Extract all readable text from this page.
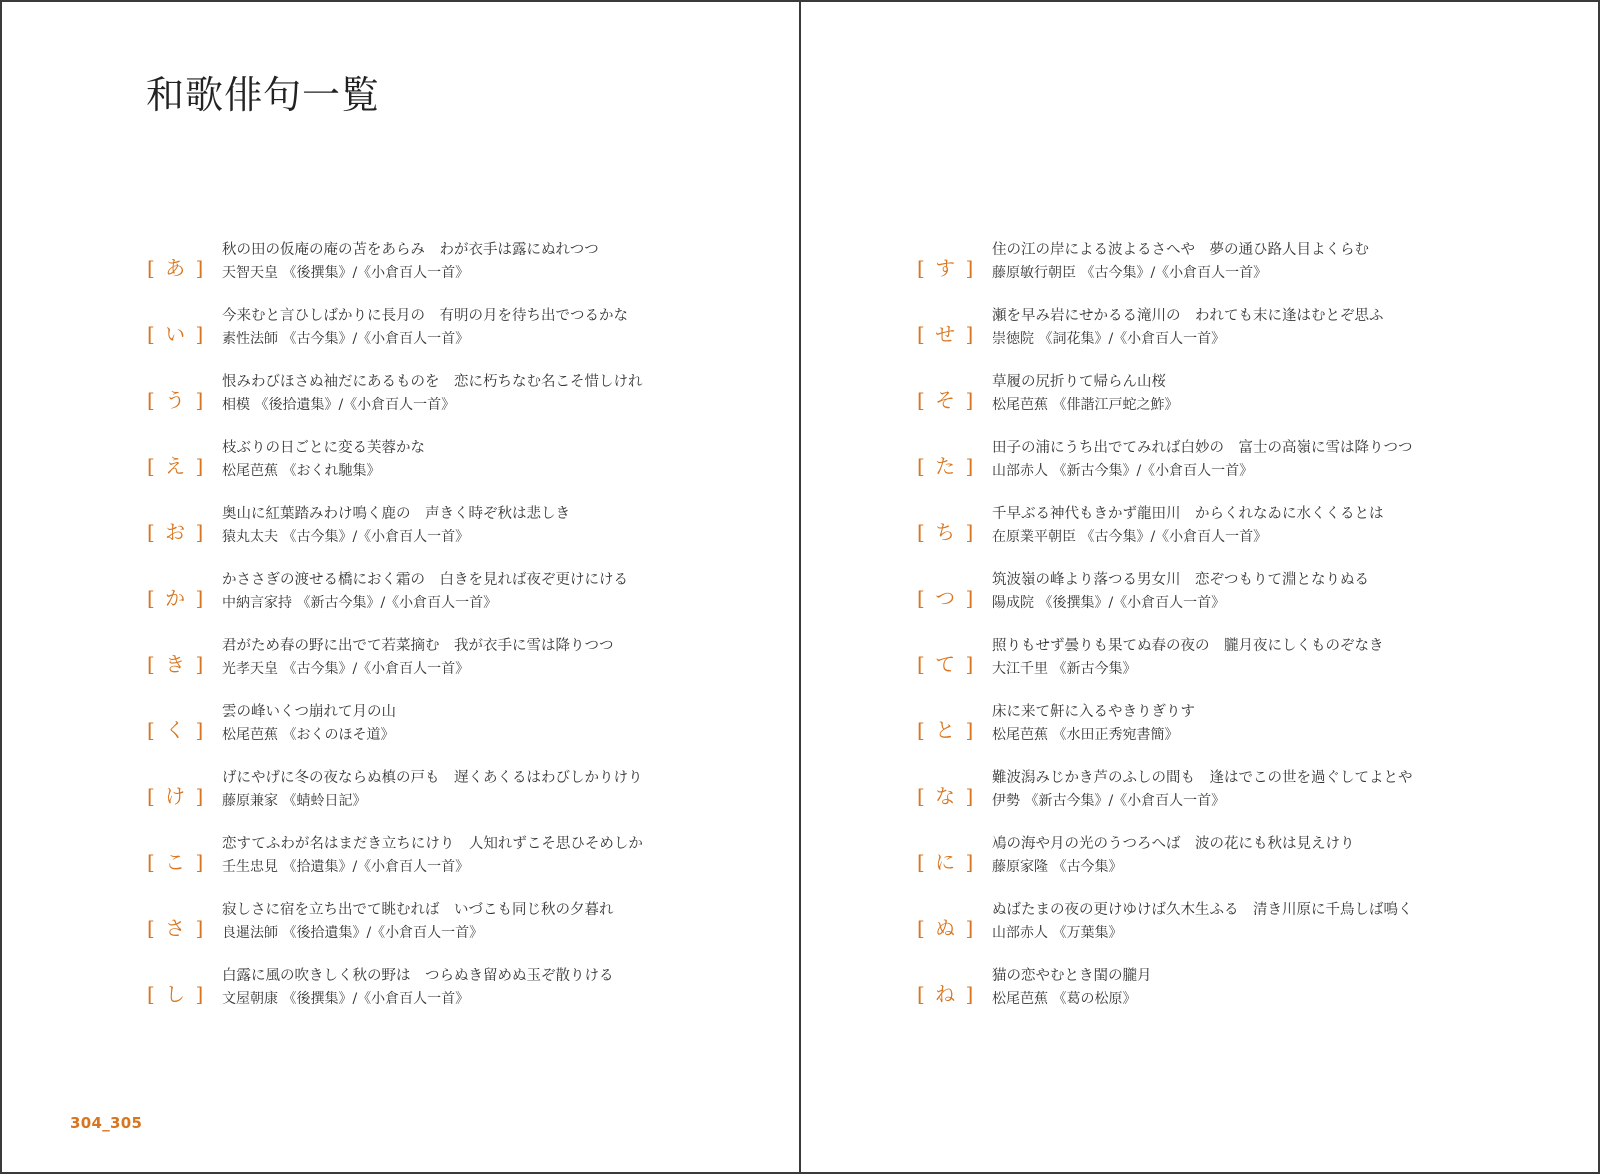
和歌俳句一覧
[ あ ]
秋の田の仮庵の庵の苫をあらみ　わが衣手は露にぬれつつ
天智天皇 《後撰集》/《小倉百人一首》
[ い ]
今来むと言ひしばかりに長月の　有明の月を待ち出でつるかな
素性法師 《古今集》/《小倉百人一首》
[ う ]
恨みわびほさぬ袖だにあるものを　恋に朽ちなむ名こそ惜しけれ
相模 《後拾遺集》/《小倉百人一首》
[ え ]
枝ぶりの日ごとに変る芙蓉かな
松尾芭蕉 《おくれ馳集》
[ お ]
奥山に紅葉踏みわけ鳴く鹿の　声きく時ぞ秋は悲しき
猿丸太夫 《古今集》/《小倉百人一首》
[ か ]
かささぎの渡せる橋におく霜の　白きを見れば夜ぞ更けにける
中納言家持 《新古今集》/《小倉百人一首》
[ き ]
君がため春の野に出でて若菜摘む　我が衣手に雪は降りつつ
光孝天皇 《古今集》/《小倉百人一首》
[ く ]
雲の峰いくつ崩れて月の山
松尾芭蕉 《おくのほそ道》
[ け ]
げにやげに冬の夜ならぬ槙の戸も　遅くあくるはわびしかりけり
藤原兼家 《蜻蛉日記》
[ こ ]
恋すてふわが名はまだき立ちにけり　人知れずこそ思ひそめしか
壬生忠見 《拾遺集》/《小倉百人一首》
[ さ ]
寂しさに宿を立ち出でて眺むれば　いづこも同じ秋の夕暮れ
良暹法師 《後拾遺集》/《小倉百人一首》
[ し ]
白露に風の吹きしく秋の野は　つらぬき留めぬ玉ぞ散りける
文屋朝康 《後撰集》/《小倉百人一首》
304_305
[ す ]
住の江の岸による波よるさへや　夢の通ひ路人目よくらむ
藤原敏行朝臣 《古今集》/《小倉百人一首》
[ せ ]
瀬を早み岩にせかるる滝川の　われても末に逢はむとぞ思ふ
崇徳院 《詞花集》/《小倉百人一首》
[ そ ]
草履の尻折りて帰らん山桜
松尾芭蕉 《俳諧江戸蛇之鮓》
[ た ]
田子の浦にうち出でてみれば白妙の　富士の高嶺に雪は降りつつ
山部赤人 《新古今集》/《小倉百人一首》
[ ち ]
千早ぶる神代もきかず龍田川　からくれなゐに水くくるとは
在原業平朝臣 《古今集》/《小倉百人一首》
[ つ ]
筑波嶺の峰より落つる男女川　恋ぞつもりて淵となりぬる
陽成院 《後撰集》/《小倉百人一首》
[ て ]
照りもせず曇りも果てぬ春の夜の　朧月夜にしくものぞなき
大江千里 《新古今集》
[ と ]
床に来て鼾に入るやきりぎりす
松尾芭蕉 《水田正秀宛書簡》
[ な ]
難波潟みじかき芦のふしの間も　逢はでこの世を過ぐしてよとや
伊勢 《新古今集》/《小倉百人一首》
[ に ]
鳰の海や月の光のうつろへば　波の花にも秋は見えけり
藤原家隆 《古今集》
[ ぬ ]
ぬばたまの夜の更けゆけば久木生ふる　清き川原に千鳥しば鳴く
山部赤人 《万葉集》
[ ね ]
猫の恋やむとき閨の朧月
松尾芭蕉 《葛の松原》
